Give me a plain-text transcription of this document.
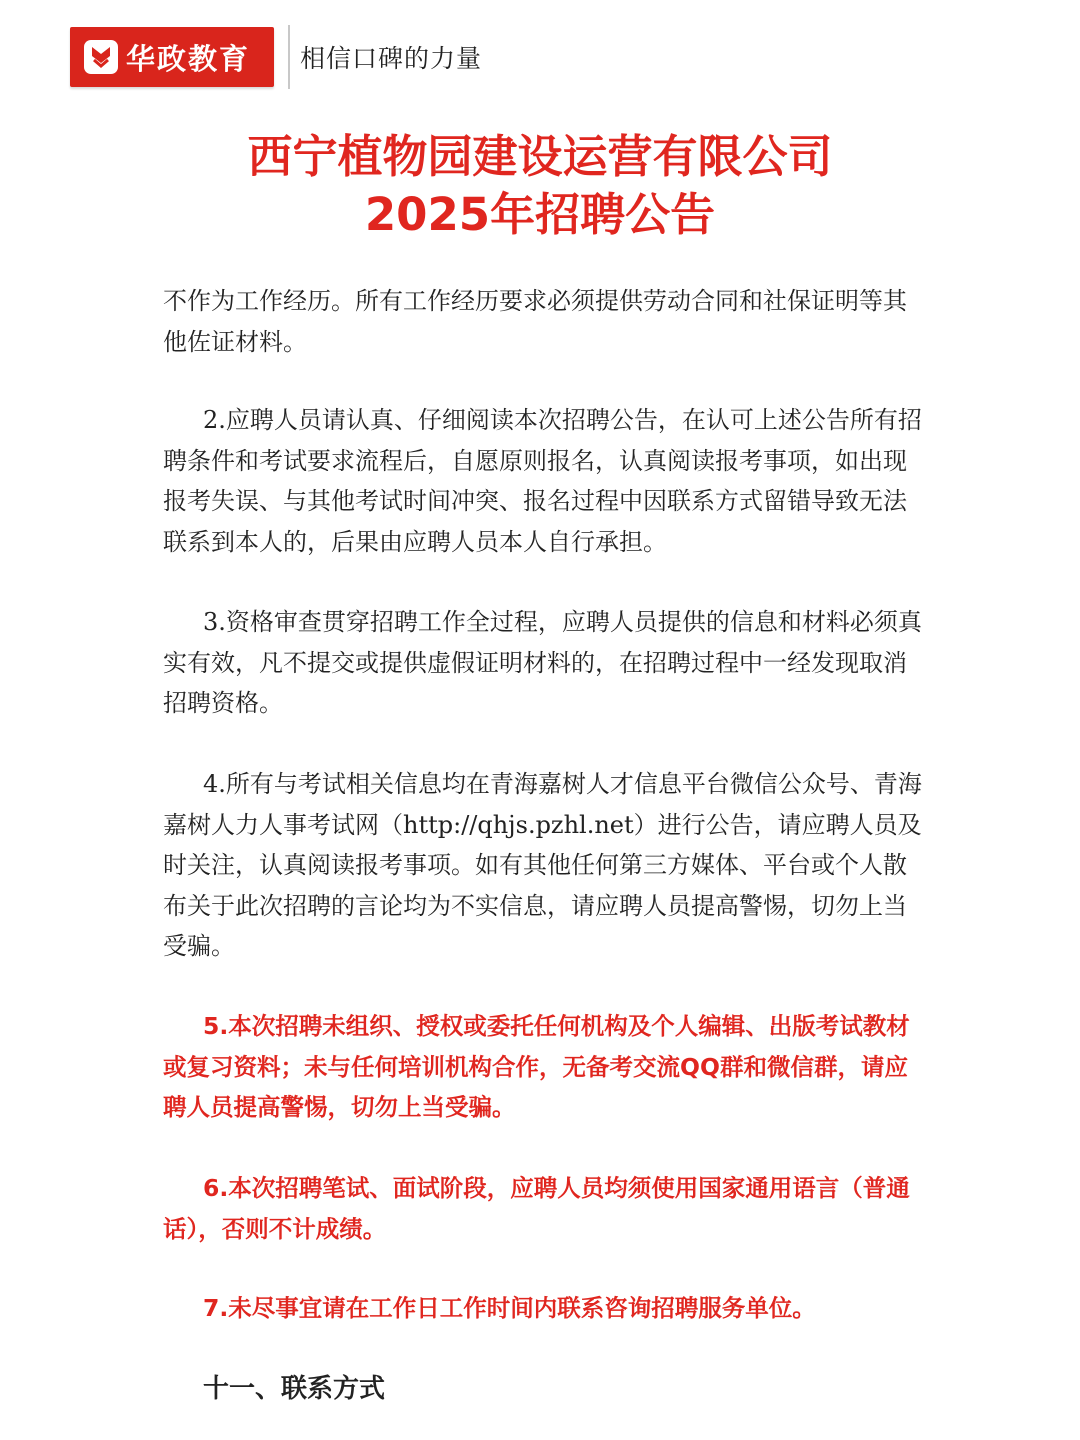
华政教育 相信口碑的力量
西宁植物园建设运营有限公司
2025年招聘公告

不作为工作经历。所有工作经历要求必须提供劳动合同和社保证明等其他佐证材料。

2.应聘人员请认真、仔细阅读本次招聘公告，在认可上述公告所有招聘条件和考试要求流程后，自愿原则报名，认真阅读报考事项，如出现报考失误、与其他考试时间冲突、报名过程中因联系方式留错导致无法联系到本人的，后果由应聘人员本人自行承担。

3.资格审查贯穿招聘工作全过程，应聘人员提供的信息和材料必须真实有效，凡不提交或提供虚假证明材料的，在招聘过程中一经发现取消招聘资格。

4.所有与考试相关信息均在青海嘉树人才信息平台微信公众号、青海嘉树人力人事考试网（http://qhjs.pzhl.net）进行公告，请应聘人员及时关注，认真阅读报考事项。如有其他任何第三方媒体、平台或个人散布关于此次招聘的言论均为不实信息，请应聘人员提高警惕，切勿上当受骗。

5.本次招聘未组织、授权或委托任何机构及个人编辑、出版考试教材或复习资料；未与任何培训机构合作，无备考交流QQ群和微信群，请应聘人员提高警惕，切勿上当受骗。

6.本次招聘笔试、面试阶段，应聘人员均须使用国家通用语言（普通话），否则不计成绩。

7.未尽事宜请在工作日工作时间内联系咨询招聘服务单位。

十一、联系方式
